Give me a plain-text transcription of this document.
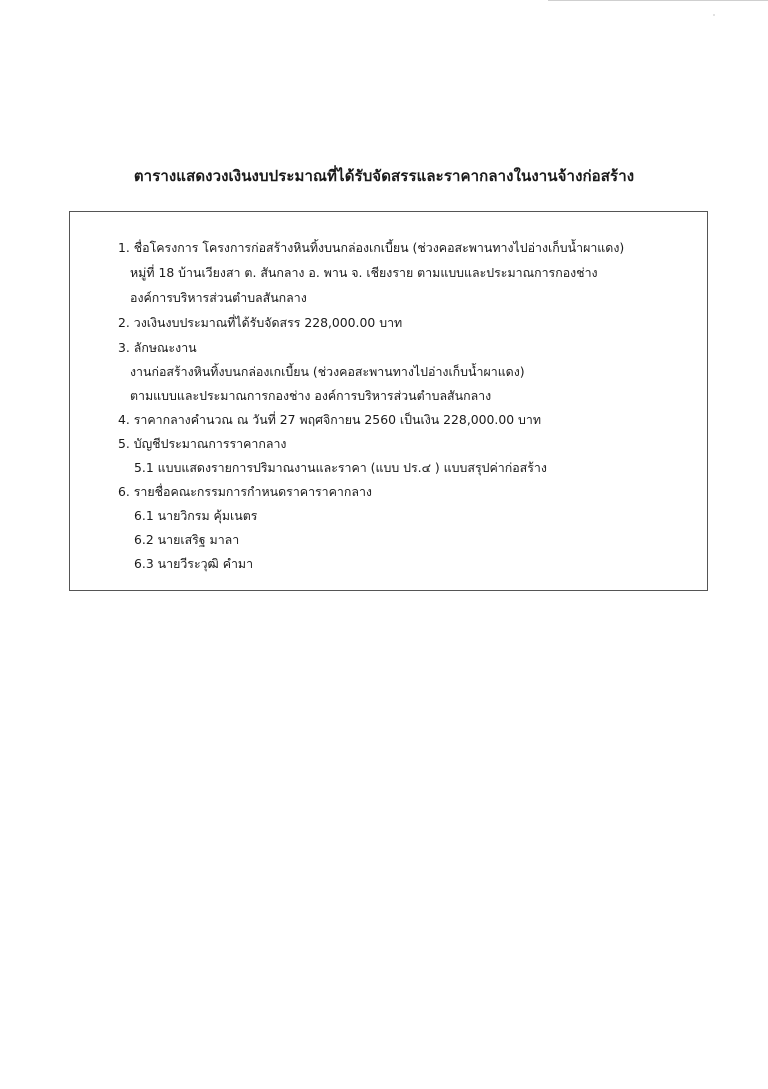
ตารางแสดงวงเงินงบประมาณที่ได้รับจัดสรรและราคากลางในงานจ้างก่อสร้าง
1. ชื่อโครงการ โครงการก่อสร้างหินทิ้งบนกล่องเกเบี้ยน (ช่วงคอสะพานทางไปอ่างเก็บน้ำผาแดง)
หมู่ที่ 18 บ้านเวียงสา ต. สันกลาง อ. พาน จ. เชียงราย ตามแบบและประมาณการกองช่าง
องค์การบริหารส่วนตำบลสันกลาง
2. วงเงินงบประมาณที่ได้รับจัดสรร 228,000.00 บาท
3. ลักษณะงาน
งานก่อสร้างหินทิ้งบนกล่องเกเบี้ยน (ช่วงคอสะพานทางไปอ่างเก็บน้ำผาแดง)
ตามแบบและประมาณการกองช่าง องค์การบริหารส่วนตำบลสันกลาง
4. ราคากลางคำนวณ ณ วันที่ 27 พฤศจิกายน 2560 เป็นเงิน 228,000.00 บาท
5. บัญชีประมาณการราคากลาง
5.1 แบบแสดงรายการปริมาณงานและราคา (แบบ ปร.๔ ) แบบสรุปค่าก่อสร้าง
6. รายชื่อคณะกรรมการกำหนดราคาราคากลาง
6.1 นายวิกรม คุ้มเนตร
6.2 นายเสริฐ มาลา
6.3 นายวีระวุฒิ คำมา
